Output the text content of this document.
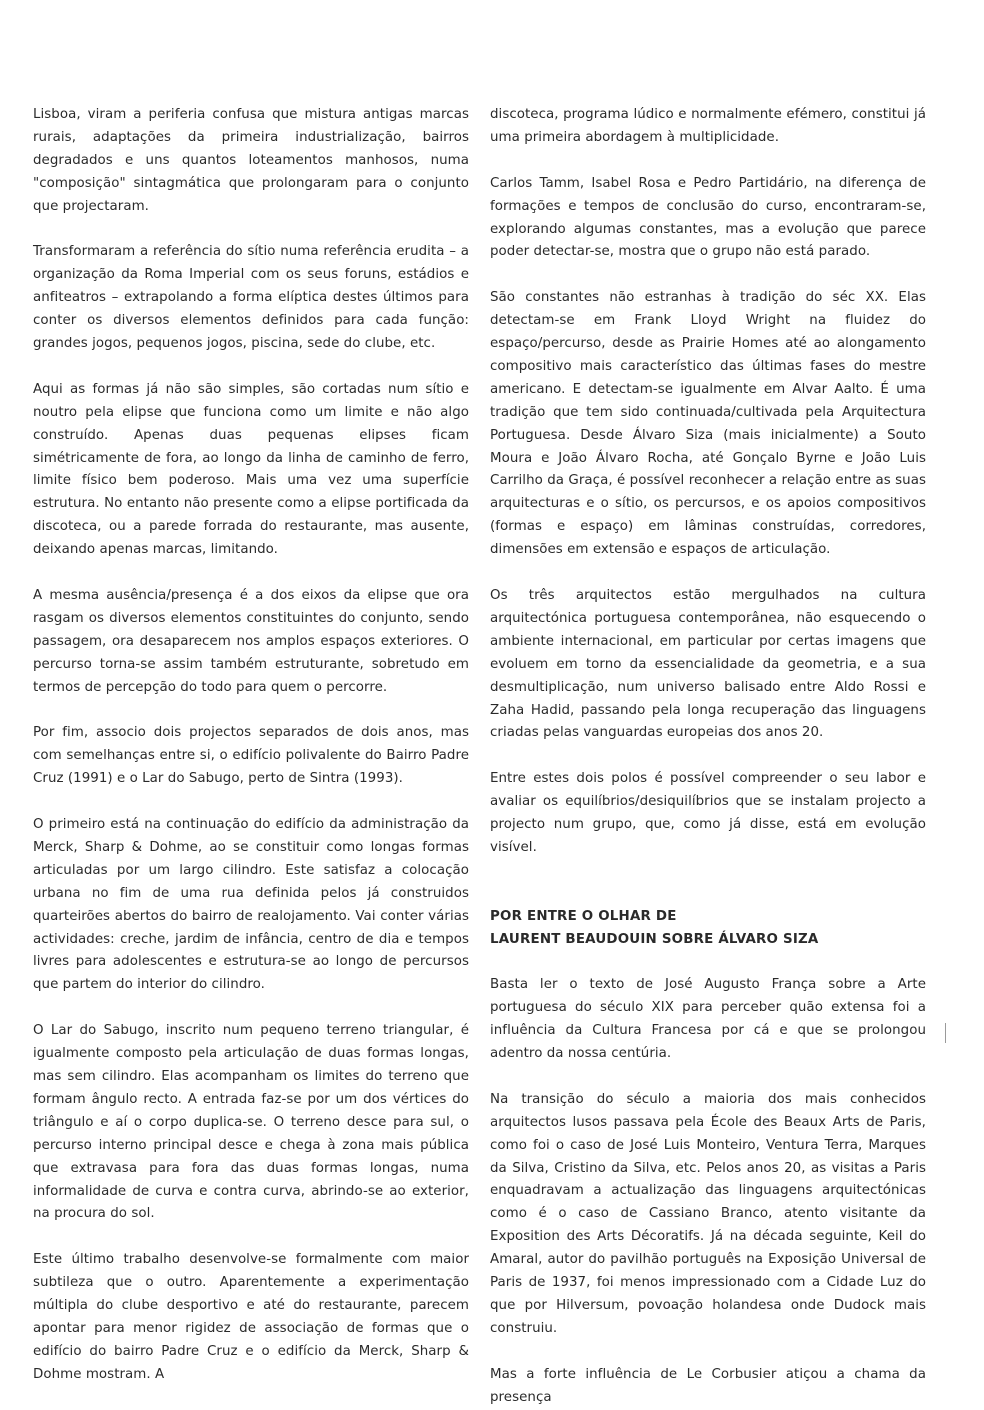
Lisboa, viram a periferia confusa que mistura antigas marcas rurais, adaptações da primeira industrialização, bairros degradados e uns quantos loteamentos manhosos, numa "composição" sintagmática que prolongaram para o conjunto que projectaram.

Transformaram a referência do sítio numa referência erudita – a organização da Roma Imperial com os seus foruns, estádios e anfiteatros – extrapolando a forma elíptica destes últimos para conter os diversos elementos definidos para cada função: grandes jogos, pequenos jogos, piscina, sede do clube, etc.

Aqui as formas já não são simples, são cortadas num sítio e noutro pela elipse que funciona como um limite e não algo construído. Apenas duas pequenas elipses ficam simétricamente de fora, ao longo da linha de caminho de ferro, limite físico bem poderoso. Mais uma vez uma superfície estrutura. No entanto não presente como a elipse portificada da discoteca, ou a parede forrada do restaurante, mas ausente, deixando apenas marcas, limitando.

A mesma ausência/presença é a dos eixos da elipse que ora rasgam os diversos elementos constituintes do conjunto, sendo passagem, ora desaparecem nos amplos espaços exteriores. O percurso torna-se assim também estruturante, sobretudo em termos de percepção do todo para quem o percorre.

Por fim, associo dois projectos separados de dois anos, mas com semelhanças entre si, o edifício polivalente do Bairro Padre Cruz (1991) e o Lar do Sabugo, perto de Sintra (1993).

O primeiro está na continuação do edifício da administração da Merck, Sharp & Dohme, ao se constituir como longas formas articuladas por um largo cilindro. Este satisfaz a colocação urbana no fim de uma rua definida pelos já construidos quarteirões abertos do bairro de realojamento. Vai conter várias actividades: creche, jardim de infância, centro de dia e tempos livres para adolescentes e estrutura-se ao longo de percursos que partem do interior do cilindro.

O Lar do Sabugo, inscrito num pequeno terreno triangular, é igualmente composto pela articulação de duas formas longas, mas sem cilindro. Elas acompanham os limites do terreno que formam ângulo recto. A entrada faz-se por um dos vértices do triângulo e aí o corpo duplica-se. O terreno desce para sul, o percurso interno principal desce e chega à zona mais pública que extravasa para fora das duas formas longas, numa informalidade de curva e contra curva, abrindo-se ao exterior, na procura do sol.

Este último trabalho desenvolve-se formalmente com maior subtileza que o outro. Aparentemente a experimentação múltipla do clube desportivo e até do restaurante, parecem apontar para menor rigidez de associação de formas que o edifício do bairro Padre Cruz e o edifício da Merck, Sharp & Dohme mostram. A

discoteca, programa lúdico e normalmente efémero, constitui já uma primeira abordagem à multiplicidade.

Carlos Tamm, Isabel Rosa e Pedro Partidário, na diferença de formações e tempos de conclusão do curso, encontraram-se, explorando algumas constantes, mas a evolução que parece poder detectar-se, mostra que o grupo não está parado.

São constantes não estranhas à tradição do séc XX. Elas detectam-se em Frank Lloyd Wright na fluidez do espaço/percurso, desde as Prairie Homes até ao alongamento compositivo mais característico das últimas fases do mestre americano. E detectam-se igualmente em Alvar Aalto. É uma tradição que tem sido continuada/cultivada pela Arquitectura Portuguesa. Desde Álvaro Siza (mais inicialmente) a Souto Moura e João Álvaro Rocha, até Gonçalo Byrne e João Luis Carrilho da Graça, é possível reconhecer a relação entre as suas arquitecturas e o sítio, os percursos, e os apoios compositivos (formas e espaço) em lâminas construídas, corredores, dimensões em extensão e espaços de articulação.

Os três arquitectos estão mergulhados na cultura arquitectónica portuguesa contemporânea, não esquecendo o ambiente internacional, em particular por certas imagens que evoluem em torno da essencialidade da geometria, e a sua desmultiplicação, num universo balisado entre Aldo Rossi e Zaha Hadid, passando pela longa recuperação das linguagens criadas pelas vanguardas europeias dos anos 20.

Entre estes dois polos é possível compreender o seu labor e avaliar os equilíbrios/desiquilíbrios que se instalam projecto a projecto num grupo, que, como já disse, está em evolução visível.

POR ENTRE O OLHAR DE
LAURENT BEAUDOUIN SOBRE ÁLVARO SIZA

Basta ler o texto de José Augusto França sobre a Arte portuguesa do século XIX para perceber quão extensa foi a influência da Cultura Francesa por cá e que se prolongou adentro da nossa centúria.

Na transição do século a maioria dos mais conhecidos arquitectos lusos passava pela École des Beaux Arts de Paris, como foi o caso de José Luis Monteiro, Ventura Terra, Marques da Silva, Cristino da Silva, etc. Pelos anos 20, as visitas a Paris enquadravam a actualização das linguagens arquitectónicas como é o caso de Cassiano Branco, atento visitante da Exposition des Arts Décoratifs. Já na década seguinte, Keil do Amaral, autor do pavilhão português na Exposição Universal de Paris de 1937, foi menos impressionado com a Cidade Luz do que por Hilversum, povoação holandesa onde Dudock mais construiu.

Mas a forte influência de Le Corbusier atiçou a chama da presença
